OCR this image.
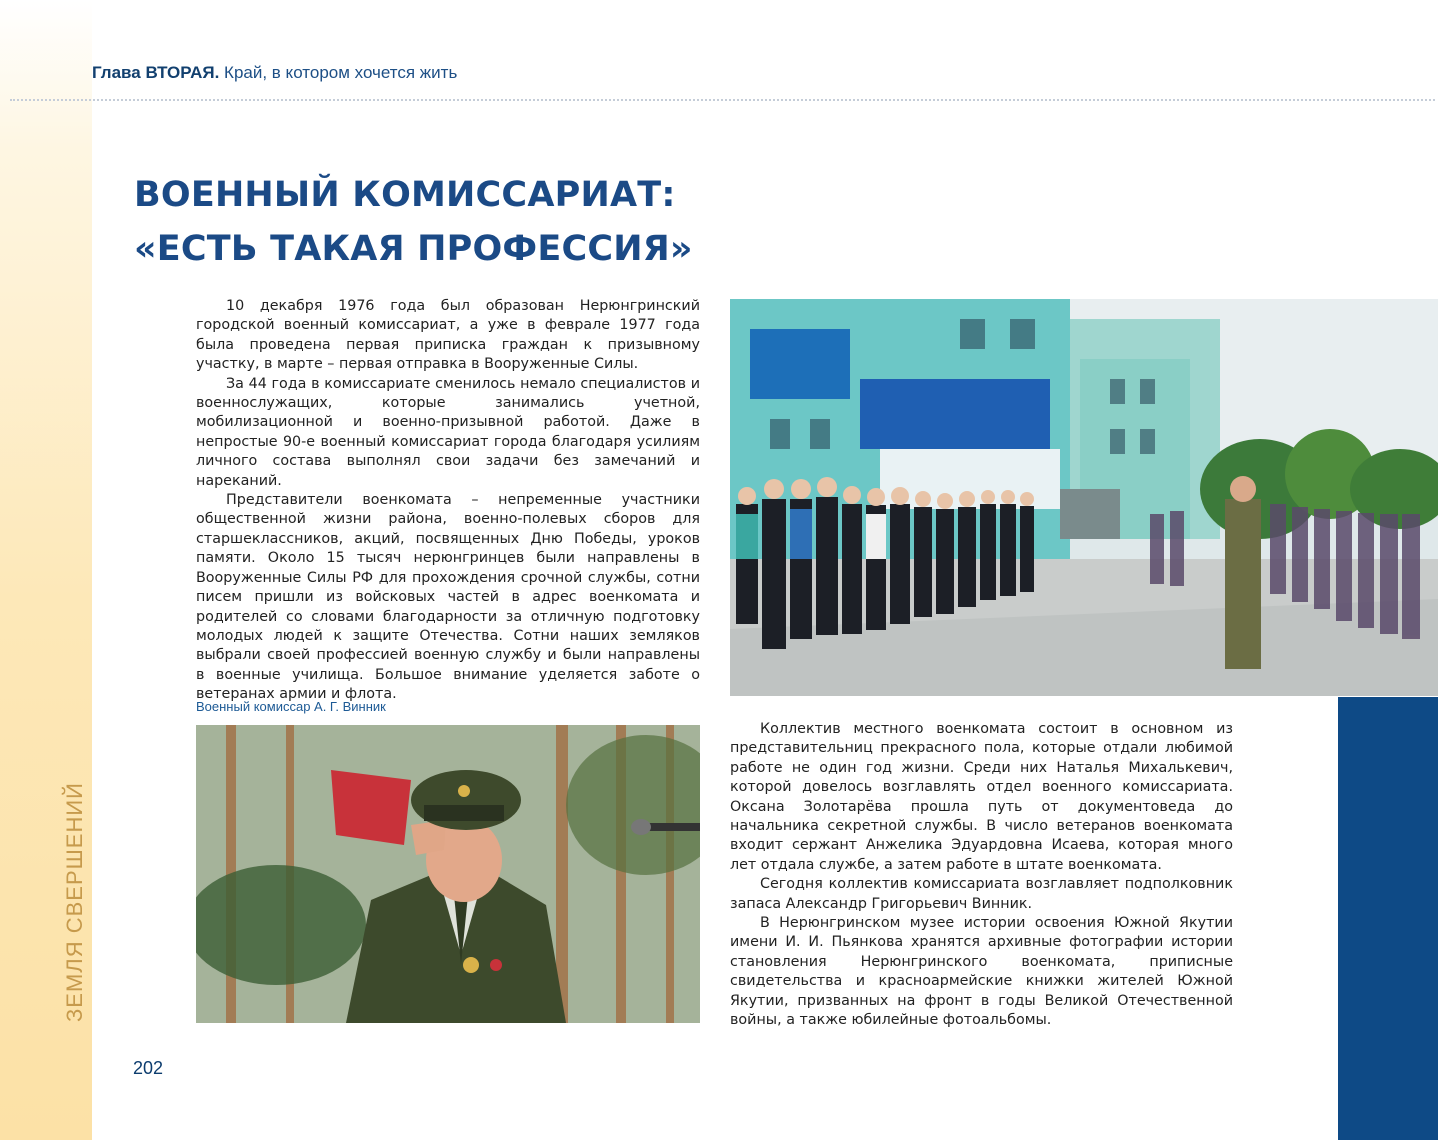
ЗЕМЛЯ СВЕРШЕНИЙ
202
Глава ВТОРАЯ. Край, в котором хочется жить
ВОЕННЫЙ КОМИССАРИАТ:
«ЕСТЬ ТАКАЯ ПРОФЕССИЯ»

10 декабря 1976 года был образован Нерюнгринский городской военный комиссариат, а уже в феврале 1977 года была проведена первая приписка граждан к призывному участку, в марте – первая отправка в Вооруженные Силы.

За 44 года в комиссариате сменилось немало специалистов и военнослужащих, которые занимались учетной, мобилизационной и военно-призывной работой. Даже в непростые 90-е военный комиссариат города благодаря усилиям личного состава выполнял свои задачи без замечаний и нареканий.

Представители военкомата – непременные участники общественной жизни района, военно-полевых сборов для старшеклассников, акций, посвященных Дню Победы, уроков памяти. Около 15 тысяч нерюнгринцев были направлены в Вооруженные Силы РФ для прохождения срочной службы, сотни писем пришли из войсковых частей в адрес военкомата и родителей со словами благодарности за отличную подготовку молодых людей к защите Отечества. Сотни наших земляков выбрали своей профессией военную службу и были направлены в военные училища. Большое внимание уделяется заботе о ветеранах армии и флота.

Военный комиссар А. Г. Винник

Коллектив местного военкомата состоит в основном из представительниц прекрасного пола, которые отдали любимой работе не один год жизни. Среди них Наталья Михалькевич, которой довелось возглавлять отдел военного комиссариата. Оксана Золотарёва прошла путь от документоведа до начальника секретной службы. В число ветеранов военкомата входит сержант Анжелика Эдуардовна Исаева, которая много лет отдала службе, а затем работе в штате военкомата.

Сегодня коллектив комиссариата возглавляет подполковник запаса Александр Григорьевич Винник.

В Нерюнгринском музее истории освоения Южной Якутии имени И. И. Пьянкова хранятся архивные фотографии истории становления Нерюнгринского военкомата, приписные свидетельства и красноармейские книжки жителей Южной Якутии, призванных на фронт в годы Великой Отечественной войны, а также юбилейные фотоальбомы.
